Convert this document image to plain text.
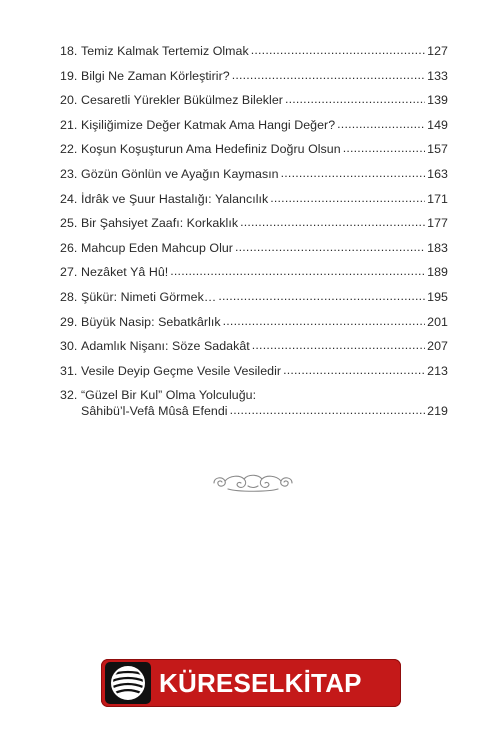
18. Temiz Kalmak Tertemiz Olmak .....	127
19. Bilgi Ne Zaman Körleştirir? .....	133
20. Cesaretli Yürekler Bükülmez Bilekler .....	139
21. Kişiliğimize Değer Katmak Ama Hangi Değer? .....	149
22. Koşun Koşuşturun Ama Hedefiniz Doğru Olsun .....	157
23. Gözün Gönlün ve Ayağın Kaymasın .....	163
24. İdrâk ve Şuur Hastalığı: Yalancılık .....	171
25. Bir Şahsiyet Zaafı: Korkaklık .....	177
26. Mahcup Eden Mahcup Olur .....	183
27. Nezâket Yâ Hû! .....	189
28. Şükür: Nimeti Görmek… .....	195
29. Büyük Nasip: Sebatkârlık .....	201
30. Adamlık Nişanı: Söze Sadakât .....	207
31. Vesile Deyip Geçme Vesile Vesiledir .....	213
32. “Güzel Bir Kul” Olma Yolculuğu:
Sâhibü’l-Vefâ Mûsâ Efendi .....	219
KÜRESELKİTAP
